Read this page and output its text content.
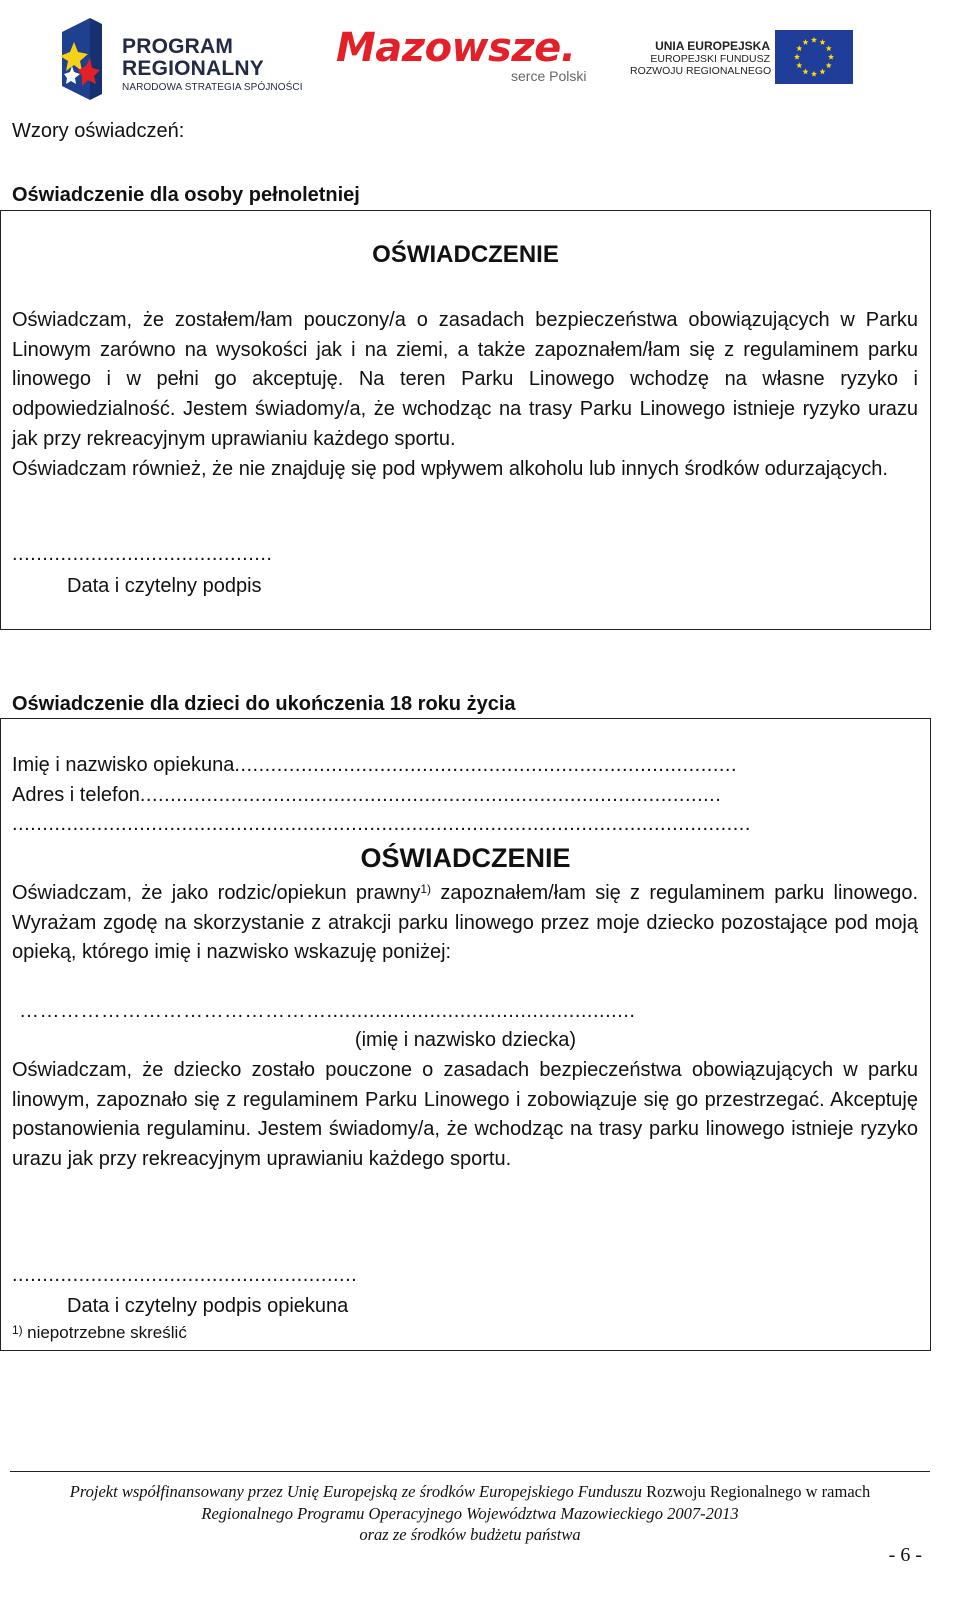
PROGRAM
REGIONALNY
NARODOWA STRATEGIA SPÓJNOŚCI
Mazowsze.
serce Polski
UNIA EUROPEJSKA
EUROPEJSKI FUNDUSZ
ROZWOJU REGIONALNEGO
Wzory oświadczeń:
Oświadczenie dla osoby pełnoletniej
OŚWIADCZENIE

Oświadczam, że zostałem/łam pouczony/a o zasadach bezpieczeństwa obowiązujących w Parku Linowym zarówno na wysokości jak i na ziemi, a także zapoznałem/łam się z regulaminem parku linowego i w pełni go akceptuję. Na teren Parku Linowego wchodzę na własne ryzyko i odpowiedzialność. Jestem świadomy/a, że wchodząc na trasy Parku Linowego istnieje ryzyko urazu jak przy rekreacyjnym uprawianiu każdego sportu.

Oświadczam również, że nie znajduję się pod wpływem alkoholu lub innych środków odurzających.

...........................................
Data i czytelny podpis
Oświadczenie dla dzieci do ukończenia 18 roku życia
Imię i nazwisko opiekuna...................................................................................
Adres i telefon................................................................................................
..........................................................................................................................
OŚWIADCZENIE

Oświadczam, że jako rodzic/opiekun prawny$^{1)}$ zapoznałem/łam się z regulaminem parku linowego. Wyrażam zgodę na skorzystanie z atrakcji parku linowego przez moje dziecko pozostające pod moją opieką, którego imię i nazwisko wskazuję poniżej:

………………………………………...................................................
(imię i nazwisko dziecka)

Oświadczam, że dziecko zostało pouczone o zasadach bezpieczeństwa obowiązujących w parku linowym, zapoznało się z regulaminem Parku Linowego i zobowiązuje się go przestrzegać. Akceptuję postanowienia regulaminu. Jestem świadomy/a, że wchodząc na trasy parku linowego istnieje ryzyko urazu jak przy rekreacyjnym uprawianiu każdego sportu.

.........................................................
Data i czytelny podpis opiekuna
$^{1)}$ niepotrzebne skreślić
Projekt współfinansowany przez Unię Europejską ze środków Europejskiego Funduszu Rozwoju Regionalnego w ramach
Regionalnego Programu Operacyjnego Województwa Mazowieckiego 2007-2013
oraz ze środków budżetu państwa
- 6 -
